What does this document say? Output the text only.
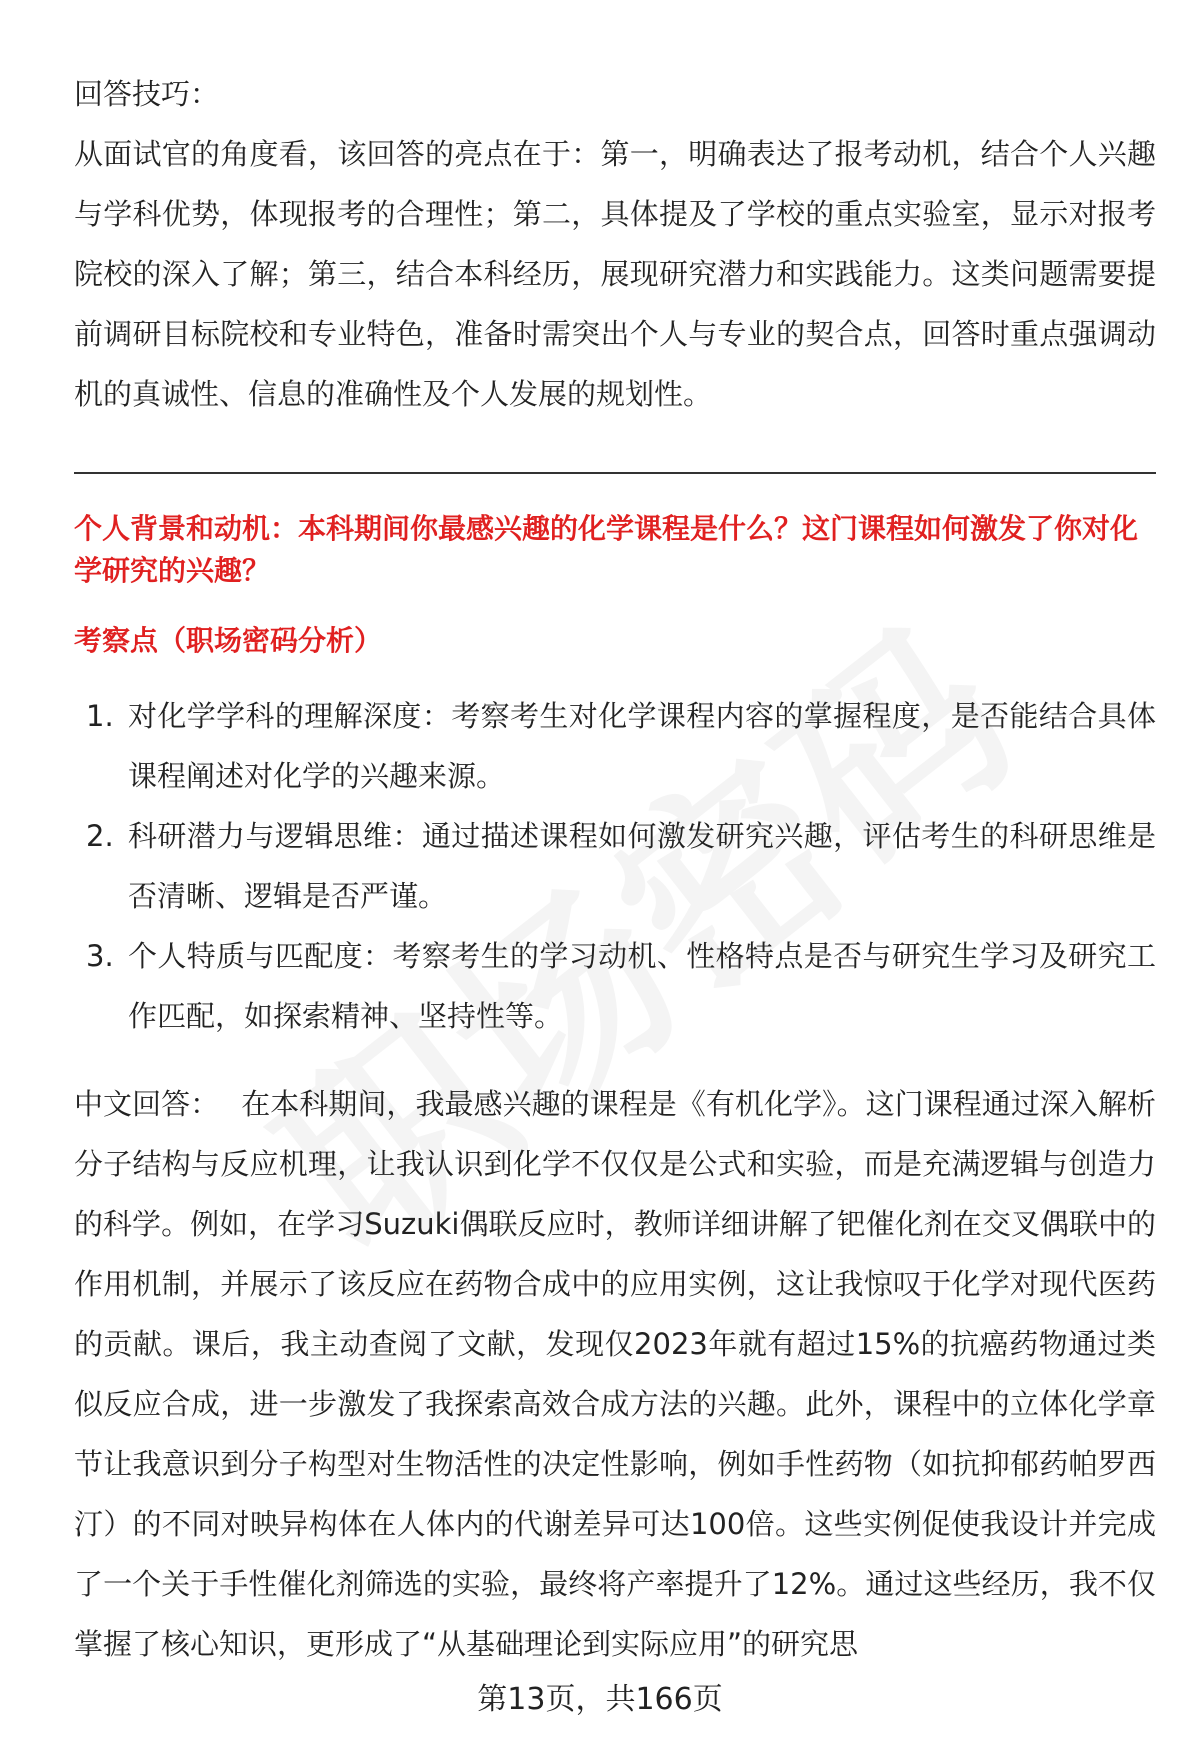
回答技巧：

从面试官的角度看，该回答的亮点在于：第一，明确表达了报考动机，结合个人兴趣与学科优势，体现报考的合理性；第二，具体提及了学校的重点实验室，显示对报考院校的深入了解；第三，结合本科经历，展现研究潜力和实践能力。这类问题需要提前调研目标院校和专业特色，准备时需突出个人与专业的契合点，回答时重点强调动机的真诚性、信息的准确性及个人发展的规划性。

个人背景和动机：本科期间你最感兴趣的化学课程是什么？这门课程如何激发了你对化学研究的兴趣？

考察点（职场密码分析）

1. 对化学学科的理解深度：考察考生对化学课程内容的掌握程度，是否能结合具体课程阐述对化学的兴趣来源。
2. 科研潜力与逻辑思维：通过描述课程如何激发研究兴趣，评估考生的科研思维是否清晰、逻辑是否严谨。
3. 个人特质与匹配度：考察考生的学习动机、性格特点是否与研究生学习及研究工作匹配，如探索精神、坚持性等。

中文回答： 在本科期间，我最感兴趣的课程是《有机化学》。这门课程通过深入解析分子结构与反应机理，让我认识到化学不仅仅是公式和实验，而是充满逻辑与创造力的科学。例如，在学习Suzuki偶联反应时，教师详细讲解了钯催化剂在交叉偶联中的作用机制，并展示了该反应在药物合成中的应用实例，这让我惊叹于化学对现代医药的贡献。课后，我主动查阅了文献，发现仅2023年就有超过15%的抗癌药物通过类似反应合成，进一步激发了我探索高效合成方法的兴趣。此外，课程中的立体化学章节让我意识到分子构型对生物活性的决定性影响，例如手性药物（如抗抑郁药帕罗西汀）的不同对映异构体在人体内的代谢差异可达100倍。这些实例促使我设计并完成了一个关于手性催化剂筛选的实验，最终将产率提升了12%。通过这些经历，我不仅掌握了核心知识，更形成了“从基础理论到实际应用”的研究思

第13页，共166页
